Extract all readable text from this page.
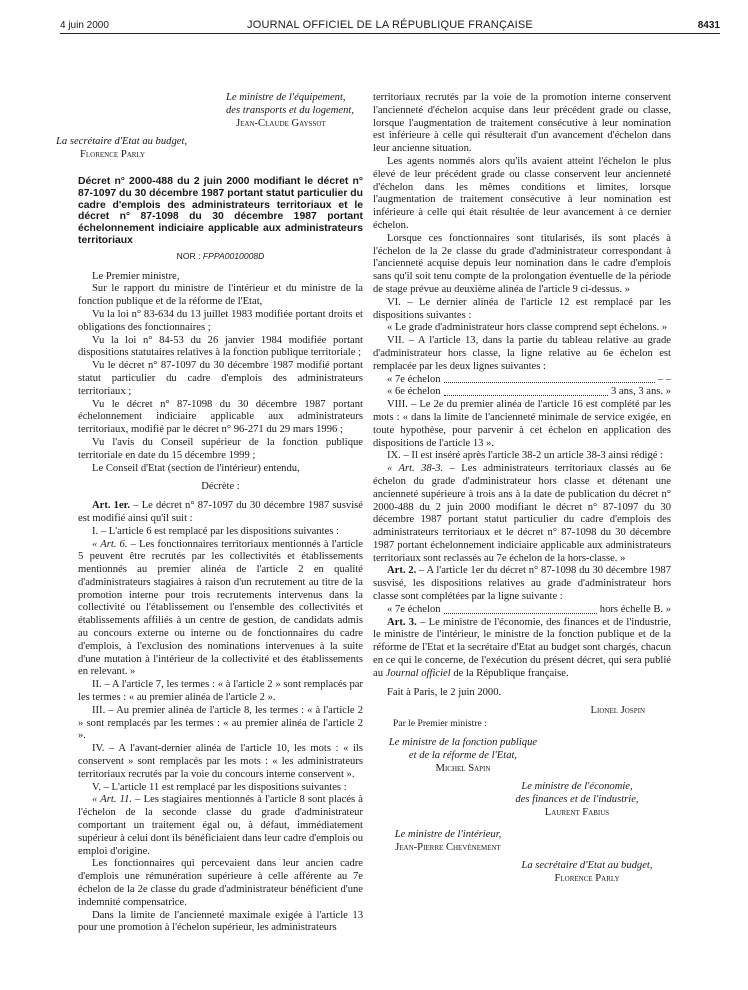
4 juin 2000	JOURNAL OFFICIEL DE LA RÉPUBLIQUE FRANÇAISE	8431

Le ministre de l'équipement,

des transports et du logement,

Jean-Claude Gayssot

La secrétaire d'Etat au budget,

Florence Parly

Décret n° 2000-488 du 2 juin 2000 modifiant le décret n° 87-1097 du 30 décembre 1987 portant statut particulier du cadre d'emplois des administrateurs territoriaux et le décret n° 87-1098 du 30 décembre 1987 portant échelonnement indiciaire applicable aux administrateurs territoriaux

NOR : FPPA0010008D

Le Premier ministre,

Sur le rapport du ministre de l'intérieur et du ministre de la fonction publique et de la réforme de l'Etat,

Vu la loi n° 83-634 du 13 juillet 1983 modifiée portant droits et obligations des fonctionnaires ;

Vu la loi n° 84-53 du 26 janvier 1984 modifiée portant dispositions statutaires relatives à la fonction publique territoriale ;

Vu le décret n° 87-1097 du 30 décembre 1987 modifié portant statut particulier du cadre d'emplois des administrateurs territoriaux ;

Vu le décret n° 87-1098 du 30 décembre 1987 portant échelonnement indiciaire applicable aux administrateurs territoriaux, modifié par le décret n° 96-271 du 29 mars 1996 ;

Vu l'avis du Conseil supérieur de la fonction publique territoriale en date du 15 décembre 1999 ;

Le Conseil d'Etat (section de l'intérieur) entendu,

Décrète :

Art. 1er. – Le décret n° 87-1097 du 30 décembre 1987 susvisé est modifié ainsi qu'il suit :

I. – L'article 6 est remplacé par les dispositions suivantes :

« Art. 6. – Les fonctionnaires territoriaux mentionnés à l'article 5 peuvent être recrutés par les collectivités et établissements mentionnés au premier alinéa de l'article 2 en qualité d'administrateurs stagiaires à raison d'un recrutement au titre de la promotion interne pour trois recrutements intervenus dans la collectivité ou l'établissement ou l'ensemble des collectivités et établissements affiliés à un centre de gestion, de candidats admis au concours externe ou interne ou de fonctionnaires du cadre d'emplois, à l'exclusion des nominations intervenues à la suite d'une mutation à l'intérieur de la collectivité et des établissements en relevant. »

II. – A l'article 7, les termes : « à l'article 2 » sont remplacés par les termes : « au premier alinéa de l'article 2 ».

III. – Au premier alinéa de l'article 8, les termes : « à l'article 2 » sont remplacés par les termes : « au premier alinéa de l'article 2 ».

IV. – A l'avant-dernier alinéa de l'article 10, les mots : « ils conservent » sont remplacés par les mots : « les administrateurs territoriaux recrutés par la voie du concours interne conservent ».

V. – L'article 11 est remplacé par les dispositions suivantes :

« Art. 11. – Les stagiaires mentionnés à l'article 8 sont placés à l'échelon de la seconde classe du grade d'administrateur comportant un traitement égal ou, à défaut, immédiatement supérieur à celui dont ils bénéficiaient dans leur cadre d'emplois ou emploi d'origine.

Les fonctionnaires qui percevaient dans leur ancien cadre d'emplois une rémunération supérieure à celle afférente au 7e échelon de la 2e classe du grade d'administrateur bénéficient d'une indemnité compensatrice.

Dans la limite de l'ancienneté maximale exigée à l'article 13 pour une promotion à l'échelon supérieur, les administrateurs

territoriaux recrutés par la voie de la promotion interne conservent l'ancienneté d'échelon acquise dans leur précédent grade ou classe, lorsque l'augmentation de traitement consécutive à leur nomination est inférieure à celle qui résulterait d'un avancement d'échelon dans leur ancienne situation.

Les agents nommés alors qu'ils avaient atteint l'échelon le plus élevé de leur précédent grade ou classe conservent leur ancienneté d'échelon dans les mêmes conditions et limites, lorsque l'augmentation de traitement consécutive à leur nomination est inférieure à celle qui était résultée de leur avancement à ce dernier échelon.

Lorsque ces fonctionnaires sont titularisés, ils sont placés à l'échelon de la 2e classe du grade d'administrateur correspondant à l'ancienneté acquise depuis leur nomination dans le cadre d'emplois sans qu'il soit tenu compte de la prolongation éventuelle de la période de stage prévue au deuxième alinéa de l'article 9 ci-dessus. »

VI. – Le dernier alinéa de l'article 12 est remplacé par les dispositions suivantes :

« Le grade d'administrateur hors classe comprend sept échelons. »

VII. – A l'article 13, dans la partie du tableau relative au grade d'administrateur hors classe, la ligne relative au 6e échelon est remplacée par les deux lignes suivantes :

« 7e échelon	– –
« 6e échelon	3 ans, 3 ans. »

VIII. – Le 2e du premier alinéa de l'article 16 est complété par les mots : « dans la limite de l'ancienneté minimale de service exigée, en toute hypothèse, pour parvenir à cet échelon en application des dispositions de l'article 13 ».

IX. – Il est inséré après l'article 38-2 un article 38-3 ainsi rédigé :

« Art. 38-3. – Les administrateurs territoriaux classés au 6e échelon du grade d'administrateur hors classe et détenant une ancienneté supérieure à trois ans à la date de publication du décret n° 2000-488 du 2 juin 2000 modifiant le décret n° 87-1097 du 30 décembre 1987 portant statut particulier du cadre d'emplois des administrateurs territoriaux et le décret n° 87-1098 du 30 décembre 1987 portant échelonnement indiciaire applicable aux administrateurs territoriaux sont reclassés au 7e échelon de la hors-classe. »

Art. 2. – A l'article 1er du décret n° 87-1098 du 30 décembre 1987 susvisé, les dispositions relatives au grade d'administrateur hors classe sont complétées par la ligne suivante :

« 7e échelon	hors échelle B. »

Art. 3. – Le ministre de l'économie, des finances et de l'industrie, le ministre de l'intérieur, le ministre de la fonction publique et de la réforme de l'Etat et la secrétaire d'Etat au budget sont chargés, chacun en ce qui le concerne, de l'exécution du présent décret, qui sera publié au Journal officiel de la République française.

Fait à Paris, le 2 juin 2000.

Lionel Jospin

Par le Premier ministre :

Le ministre de la fonction publique

et de la réforme de l'Etat,

Michel Sapin

Le ministre de l'économie,

des finances et de l'industrie,

Laurent Fabius

Le ministre de l'intérieur,

Jean-Pierre Chevènement

La secrétaire d'Etat au budget,

Florence Parly
